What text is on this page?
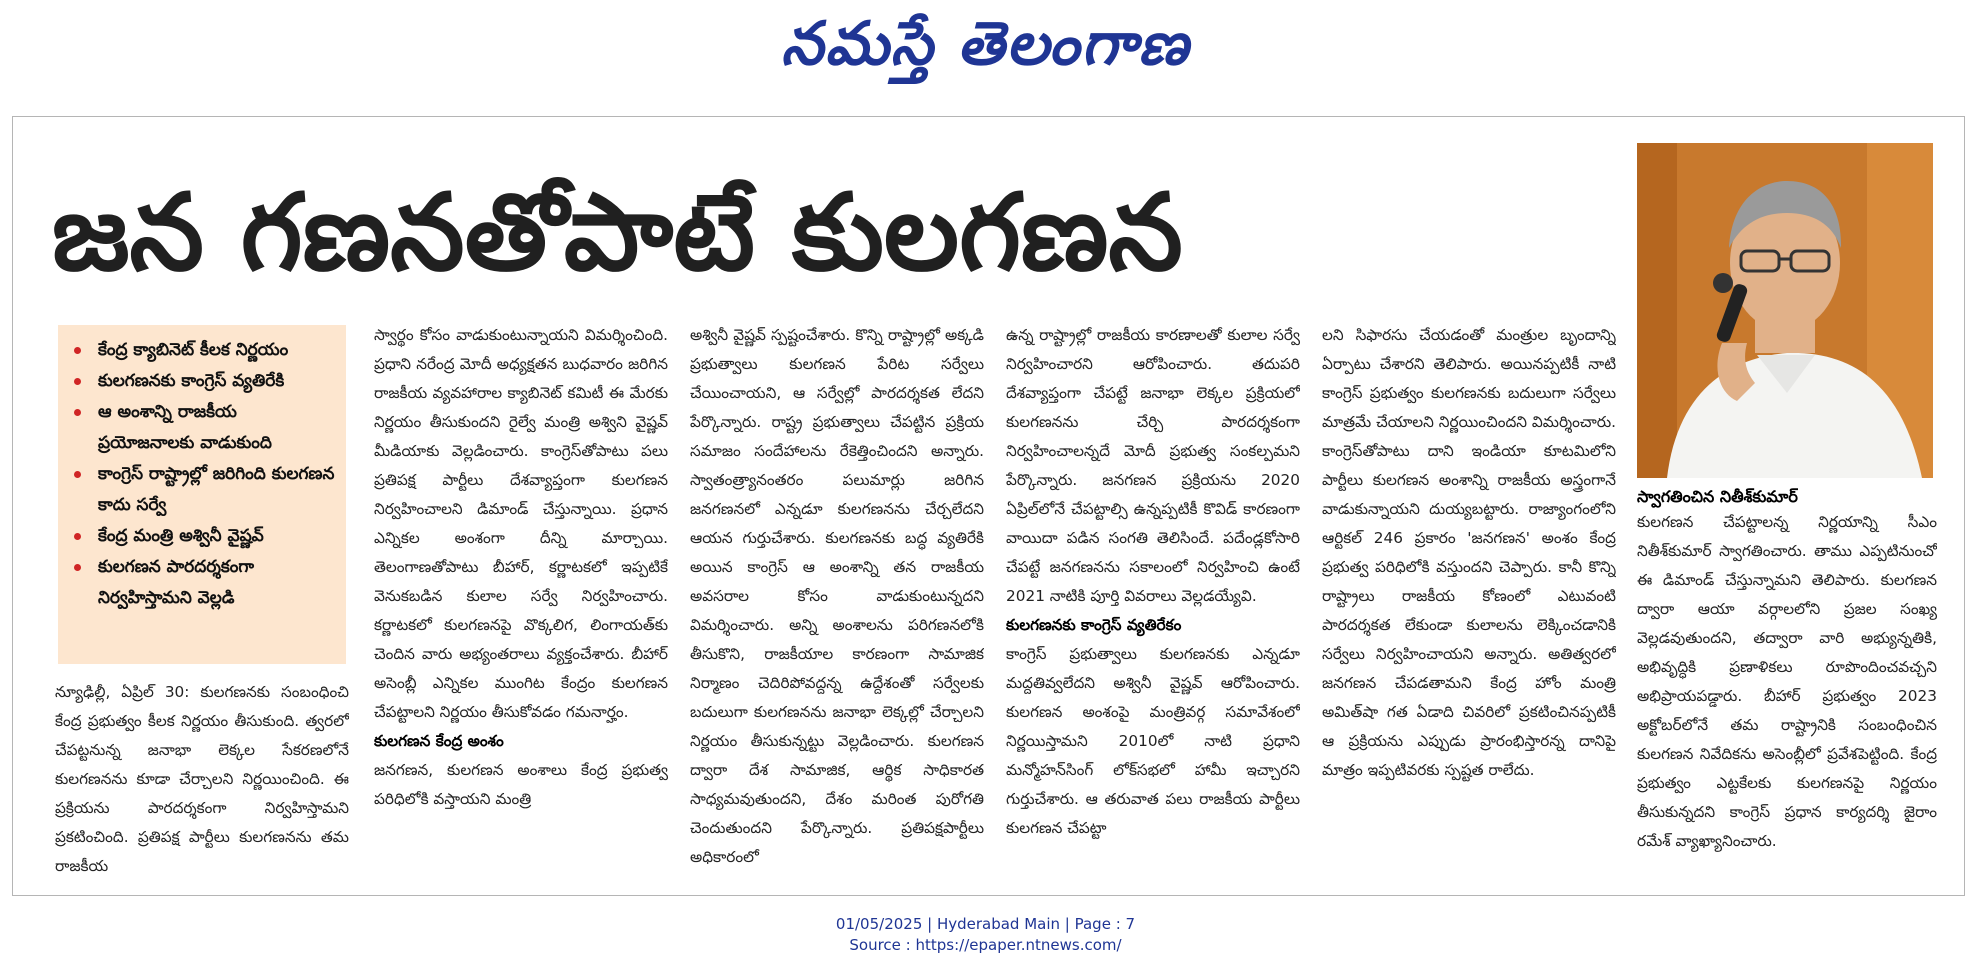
నమస్తే తెలంగాణ
జన గణనతోపాటే కులగణన
స్వాగతించిన నితీశ్‌కుమార్
కేంద్ర క్యాబినెట్ కీలక నిర్ణయం
కులగణనకు కాంగ్రెస్ వ్యతిరేకి
ఆ అంశాన్ని రాజకీయ ప్రయోజనాలకు వాడుకుంది
కాంగ్రెస్ రాష్ట్రాల్లో జరిగింది కులగణన కాదు సర్వే
కేంద్ర మంత్రి అశ్వినీ వైష్ణవ్
కులగణన పారదర్శకంగా నిర్వహిస్తామని వెల్లడి

న్యూఢిల్లీ, ఏప్రిల్ 30: కులగణనకు సంబంధించి కేంద్ర ప్రభుత్వం కీలక నిర్ణయం తీసుకుంది. త్వరలో చేపట్టనున్న జనాభా లెక్కల సేకరణలోనే కులగణనను కూడా చేర్చాలని నిర్ణయించింది. ఈ ప్రక్రియను పారదర్శకంగా నిర్వహిస్తామని ప్రకటించింది. ప్రతిపక్ష పార్టీలు కులగణనను తమ రాజకీయ

స్వార్థం కోసం వాడుకుంటున్నాయని విమర్శించింది. ప్రధాని నరేంద్ర మోదీ అధ్యక్షతన బుధవారం జరిగిన రాజకీయ వ్యవహారాల క్యాబినెట్ కమిటీ ఈ మేరకు నిర్ణయం తీసుకుందని రైల్వే మంత్రి అశ్విని వైష్ణవ్ మీడియాకు వెల్లడించారు. కాంగ్రెస్‌తోపాటు పలు ప్రతిపక్ష పార్టీలు దేశవ్యాప్తంగా కులగణన నిర్వహించాలని డిమాండ్ చేస్తున్నాయి. ప్రధాన ఎన్నికల అంశంగా దీన్ని మార్చాయి. తెలంగాణతోపాటు బీహార్, కర్ణాటకలో ఇప్పటికే వెనుకబడిన కులాల సర్వే నిర్వహించారు. కర్ణాటకలో కులగణనపై వొక్కలిగ, లింగాయత్‌కు చెందిన వారు అభ్యంతరాలు వ్యక్తంచేశారు. బీహార్ అసెంబ్లీ ఎన్నికల ముంగిట కేంద్రం కులగణన చేపట్టాలని నిర్ణయం తీసుకోవడం గమనార్హం.

కులగణన కేంద్ర అంశం

జనగణన, కులగణన అంశాలు కేంద్ర ప్రభుత్వ పరిధిలోకి వస్తాయని మంత్రి

అశ్వినీ వైష్ణవ్ స్పష్టంచేశారు. కొన్ని రాష్ట్రాల్లో అక్కడి ప్రభుత్వాలు కులగణన పేరిట సర్వేలు చేయించాయని, ఆ సర్వేల్లో పారదర్శకత లేదని పేర్కొన్నారు. రాష్ట్ర ప్రభుత్వాలు చేపట్టిన ప్రక్రియ సమాజం సందేహాలను రేకెత్తించిందని అన్నారు. స్వాతంత్ర్యానంతరం పలుమార్లు జరిగిన జనగణనలో ఎన్నడూ కులగణనను చేర్చలేదని ఆయన గుర్తుచేశారు. కులగణనకు బద్ధ వ్యతిరేకి అయిన కాంగ్రెస్ ఆ అంశాన్ని తన రాజకీయ అవసరాల కోసం వాడుకుంటున్నదని విమర్శించారు. అన్ని అంశాలను పరిగణనలోకి తీసుకొని, రాజకీయాల కారణంగా సామాజిక నిర్మాణం చెదిరిపోవద్దన్న ఉద్దేశంతో సర్వేలకు బదులుగా కులగణనను జనాభా లెక్కల్లో చేర్చాలని నిర్ణయం తీసుకున్నట్టు వెల్లడించారు. కులగణన ద్వారా దేశ సామాజిక, ఆర్థిక సాధికారత సాధ్యమవుతుందని, దేశం మరింత పురోగతి చెందుతుందని పేర్కొన్నారు. ప్రతిపక్షపార్టీలు అధికారంలో

ఉన్న రాష్ట్రాల్లో రాజకీయ కారణాలతో కులాల సర్వే నిర్వహించారని ఆరోపించారు. తదుపరి దేశవ్యాప్తంగా చేపట్టే జనాభా లెక్కల ప్రక్రియలో కులగణనను చేర్చి పారదర్శకంగా నిర్వహించాలన్నదే మోదీ ప్రభుత్వ సంకల్పమని పేర్కొన్నారు. జనగణన ప్రక్రియను 2020 ఏప్రిల్‌లోనే చేపట్టాల్సి ఉన్నప్పటికీ కొవిడ్ కారణంగా వాయిదా పడిన సంగతి తెలిసిందే. పదేండ్లకోసారి చేపట్టే జనగణనను సకాలంలో నిర్వహించి ఉంటే 2021 నాటికి పూర్తి వివరాలు వెల్లడయ్యేవి.

కులగణనకు కాంగ్రెస్ వ్యతిరేకం

కాంగ్రెస్ ప్రభుత్వాలు కులగణనకు ఎన్నడూ మద్దతివ్వలేదని అశ్వినీ వైష్ణవ్ ఆరోపించారు. కులగణన అంశంపై మంత్రివర్గ సమావేశంలో నిర్ణయిస్తామని 2010లో నాటి ప్రధాని మన్మోహన్‌సింగ్ లోక్‌సభలో హామీ ఇచ్చారని గుర్తుచేశారు. ఆ తరువాత పలు రాజకీయ పార్టీలు కులగణన చేపట్టా

లని సిఫారసు చేయడంతో మంత్రుల బృందాన్ని ఏర్పాటు చేశారని తెలిపారు. అయినప్పటికీ నాటి కాంగ్రెస్ ప్రభుత్వం కులగణనకు బదులుగా సర్వేలు మాత్రమే చేయాలని నిర్ణయించిందని విమర్శించారు. కాంగ్రెస్‌తోపాటు దాని ఇండియా కూటమిలోని పార్టీలు కులగణన అంశాన్ని రాజకీయ అస్త్రంగానే వాడుకున్నాయని దుయ్యబట్టారు. రాజ్యాంగంలోని ఆర్టికల్ 246 ప్రకారం 'జనగణన' అంశం కేంద్ర ప్రభుత్వ పరిధిలోకి వస్తుందని చెప్పారు. కానీ కొన్ని రాష్ట్రాలు రాజకీయ కోణంలో ఎటువంటి పారదర్శకత లేకుండా కులాలను లెక్కించడానికి సర్వేలు నిర్వహించాయని అన్నారు. అతిత్వరలో జనగణన చేపడతామని కేంద్ర హోం మంత్రి అమిత్‌షా గత ఏడాది చివరిలో ప్రకటించినప్పటికీ ఆ ప్రక్రియను ఎప్పుడు ప్రారంభిస్తారన్న దానిపై మాత్రం ఇప్పటివరకు స్పష్టత రాలేదు.

కులగణన చేపట్టాలన్న నిర్ణయాన్ని సీఎం నితీశ్‌కుమార్ స్వాగతించారు. తాము ఎప్పటినుంచో ఈ డిమాండ్ చేస్తున్నామని తెలిపారు. కులగణన ద్వారా ఆయా వర్గాలలోని ప్రజల సంఖ్య వెల్లడవుతుందని, తద్వారా వారి అభ్యున్నతికి, అభివృద్ధికి ప్రణాళికలు రూపొందించవచ్చని అభిప్రాయపడ్డారు. బీహార్ ప్రభుత్వం 2023 అక్టోబర్‌లోనే తమ రాష్ట్రానికి సంబంధించిన కులగణన నివేదికను అసెంబ్లీలో ప్రవేశపెట్టింది. కేంద్ర ప్రభుత్వం ఎట్టకేలకు కులగణనపై నిర్ణయం తీసుకున్నదని కాంగ్రెస్ ప్రధాన కార్యదర్శి జైరాం రమేశ్ వ్యాఖ్యానించారు.

01/05/2025 | Hyderabad Main | Page : 7
Source : https://epaper.ntnews.com/
